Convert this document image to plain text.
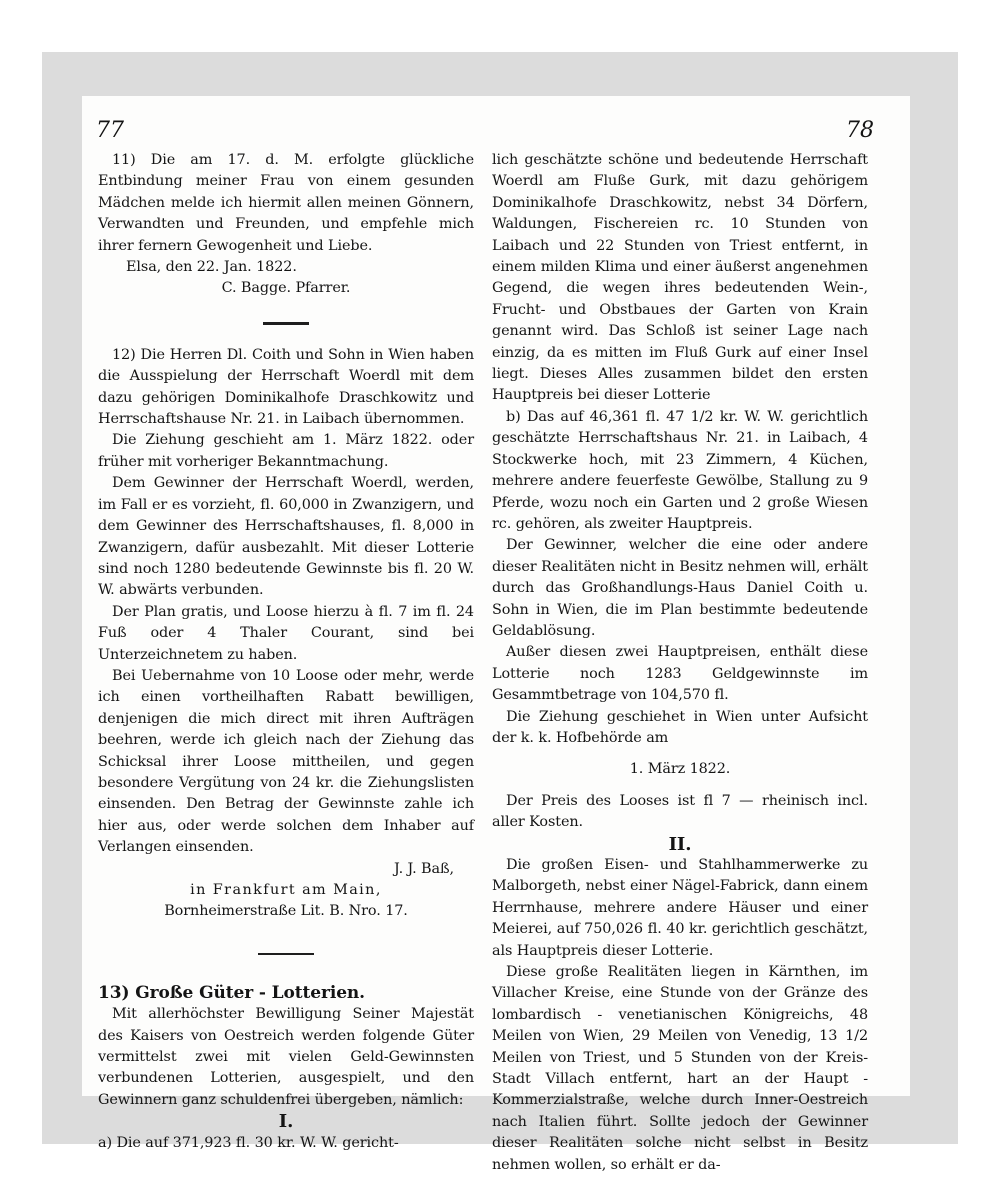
77	78

11) Die am 17. d. M. erfolgte glückliche Entbindung meiner Frau von einem gesunden Mädchen melde ich hiermit allen meinen Gönnern, Verwandten und Freunden, und empfehle mich ihrer fernern Gewogenheit und Liebe.

Elsa, den 22. Jan. 1822.

C. Bagge. Pfarrer.

12) Die Herren Dl. Coith und Sohn in Wien haben die Ausspielung der Herrschaft Woerdl mit dem dazu gehörigen Dominikalhofe Draschkowitz und Herrschaftshause Nr. 21. in Laibach übernommen.

Die Ziehung geschieht am 1. März 1822. oder früher mit vorheriger Bekanntmachung.

Dem Gewinner der Herrschaft Woerdl, werden, im Fall er es vorzieht, fl. 60,000 in Zwanzigern, und dem Gewinner des Herrschaftshauses, fl. 8,000 in Zwanzigern, dafür ausbezahlt. Mit dieser Lotterie sind noch 1280 bedeutende Gewinnste bis fl. 20 W. W. abwärts verbunden.

Der Plan gratis, und Loose hierzu à fl. 7 im fl. 24 Fuß oder 4 Thaler Courant, sind bei Unterzeichnetem zu haben.

Bei Uebernahme von 10 Loose oder mehr, werde ich einen vortheilhaften Rabatt bewilligen, denjenigen die mich direct mit ihren Aufträgen beehren, werde ich gleich nach der Ziehung das Schicksal ihrer Loose mittheilen, und gegen besondere Vergütung von 24 kr. die Ziehungslisten einsenden. Den Betrag der Gewinnste zahle ich hier aus, oder werde solchen dem Inhaber auf Verlangen einsenden.

J. J. Baß,

in Frankfurt am Main,

Bornheimerstraße Lit. B. Nro. 17.

13) Große Güter - Lotterien.

Mit allerhöchster Bewilligung Seiner Majestät des Kaisers von Oestreich werden folgende Güter vermittelst zwei mit vielen Geld-Gewinnsten verbundenen Lotterien, ausgespielt, und den Gewinnern ganz schuldenfrei übergeben, nämlich:

I.

a) Die auf 371,923 fl. 30 kr. W. W. gericht-

lich geschätzte schöne und bedeutende Herrschaft Woerdl am Fluße Gurk, mit dazu gehörigem Dominikalhofe Draschkowitz, nebst 34 Dörfern, Waldungen, Fischereien rc. 10 Stunden von Laibach und 22 Stunden von Triest entfernt, in einem milden Klima und einer äußerst angenehmen Gegend, die wegen ihres bedeutenden Wein-, Frucht- und Obstbaues der Garten von Krain genannt wird. Das Schloß ist seiner Lage nach einzig, da es mitten im Fluß Gurk auf einer Insel liegt. Dieses Alles zusammen bildet den ersten Hauptpreis bei dieser Lotterie

b) Das auf 46,361 fl. 47 1/2 kr. W. W. gerichtlich geschätzte Herrschaftshaus Nr. 21. in Laibach, 4 Stockwerke hoch, mit 23 Zimmern, 4 Küchen, mehrere andere feuerfeste Gewölbe, Stallung zu 9 Pferde, wozu noch ein Garten und 2 große Wiesen rc. gehören, als zweiter Hauptpreis.

Der Gewinner, welcher die eine oder andere dieser Realitäten nicht in Besitz nehmen will, erhält durch das Großhandlungs-Haus Daniel Coith u. Sohn in Wien, die im Plan bestimmte bedeutende Geldablösung.

Außer diesen zwei Hauptpreisen, enthält diese Lotterie noch 1283 Geldgewinnste im Gesammtbetrage von 104,570 fl.

Die Ziehung geschiehet in Wien unter Aufsicht der k. k. Hofbehörde am

1. März 1822.

Der Preis des Looses ist fl 7 — rheinisch incl. aller Kosten.

II.

Die großen Eisen- und Stahlhammerwerke zu Malborgeth, nebst einer Nägel-Fabrick, dann einem Herrnhause, mehrere andere Häuser und einer Meierei, auf 750,026 fl. 40 kr. gerichtlich geschätzt, als Hauptpreis dieser Lotterie.

Diese große Realitäten liegen in Kärnthen, im Villacher Kreise, eine Stunde von der Gränze des lombardisch - venetianischen Königreichs, 48 Meilen von Wien, 29 Meilen von Venedig, 13 1/2 Meilen von Triest, und 5 Stunden von der Kreis-Stadt Villach entfernt, hart an der Haupt - Kommerzialstraße, welche durch Inner-Oestreich nach Italien führt. Sollte jedoch der Gewinner dieser Realitäten solche nicht selbst in Besitz nehmen wollen, so erhält er da-
